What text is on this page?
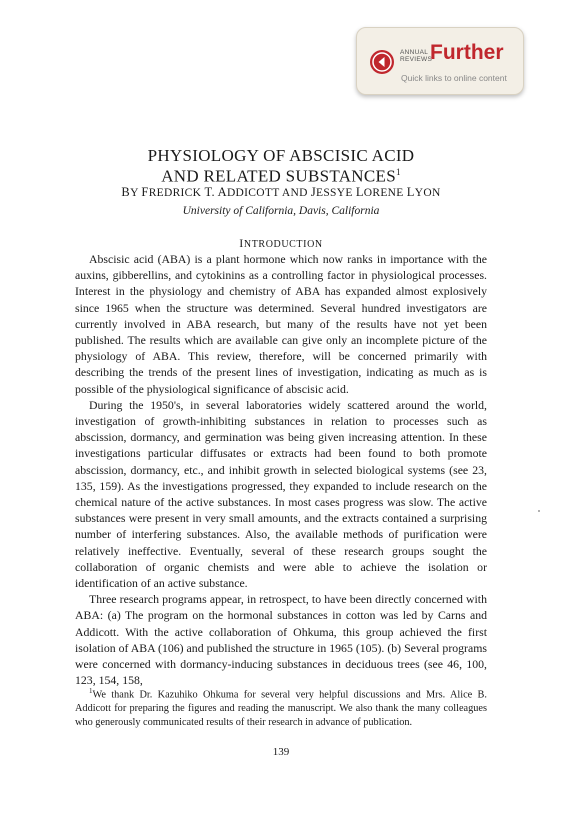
ANNUAL
REVIEWS
Further
Quick links to online content
PHYSIOLOGY OF ABSCISIC ACID
AND RELATED SUBSTANCES$^1$
BY FREDRICK T. ADDICOTT AND JESSYE LORENE LYON
University of California, Davis, California
INTRODUCTION

Abscisic acid (ABA) is a plant hormone which now ranks in importance with the auxins, gibberellins, and cytokinins as a controlling factor in physiological processes. Interest in the physiology and chemistry of ABA has expanded almost explosively since 1965 when the structure was determined. Several hundred investigators are currently involved in ABA research, but many of the results have not yet been published. The results which are available can give only an incomplete picture of the physiology of ABA. This review, therefore, will be concerned primarily with describing the trends of the present lines of investigation, indicating as much as is possible of the physiological significance of abscisic acid.

During the 1950's, in several laboratories widely scattered around the world, investigation of growth-inhibiting substances in relation to processes such as abscission, dormancy, and germination was being given increasing attention. In these investigations particular diffusates or extracts had been found to both promote abscission, dormancy, etc., and inhibit growth in selected biological systems (see 23, 135, 159). As the investigations progressed, they expanded to include research on the chemical nature of the active substances. In most cases progress was slow. The active substances were present in very small amounts, and the extracts contained a surprising number of interfering substances. Also, the available methods of purification were relatively ineffective. Eventually, several of these research groups sought the collaboration of organic chemists and were able to achieve the isolation or identification of an active substance.

Three research programs appear, in retrospect, to have been directly concerned with ABA: (a) The program on the hormonal substances in cotton was led by Carns and Addicott. With the active collaboration of Ohkuma, this group achieved the first isolation of ABA (106) and published the structure in 1965 (105). (b) Several programs were concerned with dormancy-inducing substances in deciduous trees (see 46, 100, 123, 154, 158,

$^1$We thank Dr. Kazuhiko Ohkuma for several very helpful discussions and Mrs. Alice B. Addicott for preparing the figures and reading the manuscript. We also thank the many colleagues who generously communicated results of their research in advance of publication.
139
